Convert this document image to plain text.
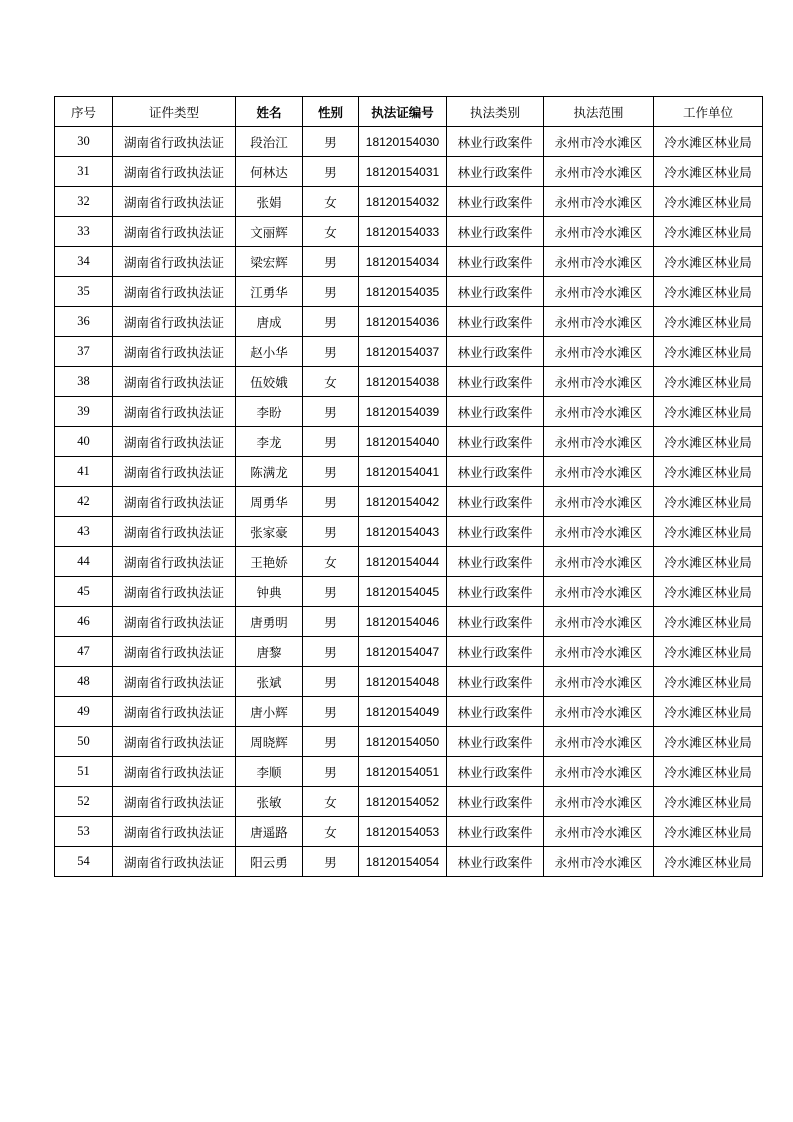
序号	证件类型	姓名	性别	执法证编号	执法类别	执法范围	工作单位
30	湖南省行政执法证	段治江	男	18120154030	林业行政案件	永州市冷水滩区	冷水滩区林业局
31	湖南省行政执法证	何林达	男	18120154031	林业行政案件	永州市冷水滩区	冷水滩区林业局
32	湖南省行政执法证	张娟	女	18120154032	林业行政案件	永州市冷水滩区	冷水滩区林业局
33	湖南省行政执法证	文丽辉	女	18120154033	林业行政案件	永州市冷水滩区	冷水滩区林业局
34	湖南省行政执法证	梁宏辉	男	18120154034	林业行政案件	永州市冷水滩区	冷水滩区林业局
35	湖南省行政执法证	江勇华	男	18120154035	林业行政案件	永州市冷水滩区	冷水滩区林业局
36	湖南省行政执法证	唐成	男	18120154036	林业行政案件	永州市冷水滩区	冷水滩区林业局
37	湖南省行政执法证	赵小华	男	18120154037	林业行政案件	永州市冷水滩区	冷水滩区林业局
38	湖南省行政执法证	伍姣娥	女	18120154038	林业行政案件	永州市冷水滩区	冷水滩区林业局
39	湖南省行政执法证	李盼	男	18120154039	林业行政案件	永州市冷水滩区	冷水滩区林业局
40	湖南省行政执法证	李龙	男	18120154040	林业行政案件	永州市冷水滩区	冷水滩区林业局
41	湖南省行政执法证	陈满龙	男	18120154041	林业行政案件	永州市冷水滩区	冷水滩区林业局
42	湖南省行政执法证	周勇华	男	18120154042	林业行政案件	永州市冷水滩区	冷水滩区林业局
43	湖南省行政执法证	张家豪	男	18120154043	林业行政案件	永州市冷水滩区	冷水滩区林业局
44	湖南省行政执法证	王艳娇	女	18120154044	林业行政案件	永州市冷水滩区	冷水滩区林业局
45	湖南省行政执法证	钟典	男	18120154045	林业行政案件	永州市冷水滩区	冷水滩区林业局
46	湖南省行政执法证	唐勇明	男	18120154046	林业行政案件	永州市冷水滩区	冷水滩区林业局
47	湖南省行政执法证	唐黎	男	18120154047	林业行政案件	永州市冷水滩区	冷水滩区林业局
48	湖南省行政执法证	张斌	男	18120154048	林业行政案件	永州市冷水滩区	冷水滩区林业局
49	湖南省行政执法证	唐小辉	男	18120154049	林业行政案件	永州市冷水滩区	冷水滩区林业局
50	湖南省行政执法证	周晓辉	男	18120154050	林业行政案件	永州市冷水滩区	冷水滩区林业局
51	湖南省行政执法证	李顺	男	18120154051	林业行政案件	永州市冷水滩区	冷水滩区林业局
52	湖南省行政执法证	张敏	女	18120154052	林业行政案件	永州市冷水滩区	冷水滩区林业局
53	湖南省行政执法证	唐遥路	女	18120154053	林业行政案件	永州市冷水滩区	冷水滩区林业局
54	湖南省行政执法证	阳云勇	男	18120154054	林业行政案件	永州市冷水滩区	冷水滩区林业局
